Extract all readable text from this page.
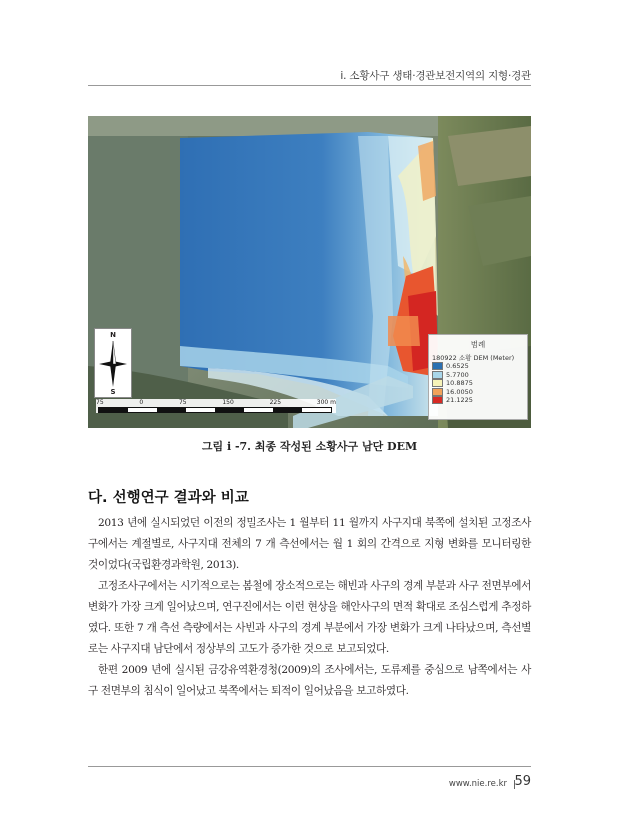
i. 소황사구 생태·경관보전지역의 지형·경관
N
S
75	0	75	150	225	300 m
범례
180922 소황 DEM (Meter)
0.6525
5.7700
10.8875
16.0050
21.1225
그림 i -7. 최종 작성된 소황사구 남단 DEM
다. 선행연구 결과와 비교

2013 년에 실시되었던 이전의 정밀조사는 1 월부터 11 월까지 사구지대 북쪽에 설치된 고정조사구에서는 계절별로, 사구지대 전체의 7 개 측선에서는 월 1 회의 간격으로 지형 변화를 모니터링한 것이었다(국립환경과학원, 2013).

고정조사구에서는 시기적으로는 봄철에 장소적으로는 해빈과 사구의 경계 부분과 사구 전면부에서 변화가 가장 크게 일어났으며, 연구진에서는 이런 현상을 해안사구의 면적 확대로 조심스럽게 추정하였다. 또한 7 개 측선 측량에서는 사빈과 사구의 경계 부분에서 가장 변화가 크게 나타났으며, 측선별로는 사구지대 남단에서 정상부의 고도가 증가한 것으로 보고되었다.

한편 2009 년에 실시된 금강유역환경청(2009)의 조사에서는, 도류제를 중심으로 남쪽에서는 사구 전면부의 침식이 일어났고 북쪽에서는 퇴적이 일어났음을 보고하였다.

www.nie.re.kr 59
